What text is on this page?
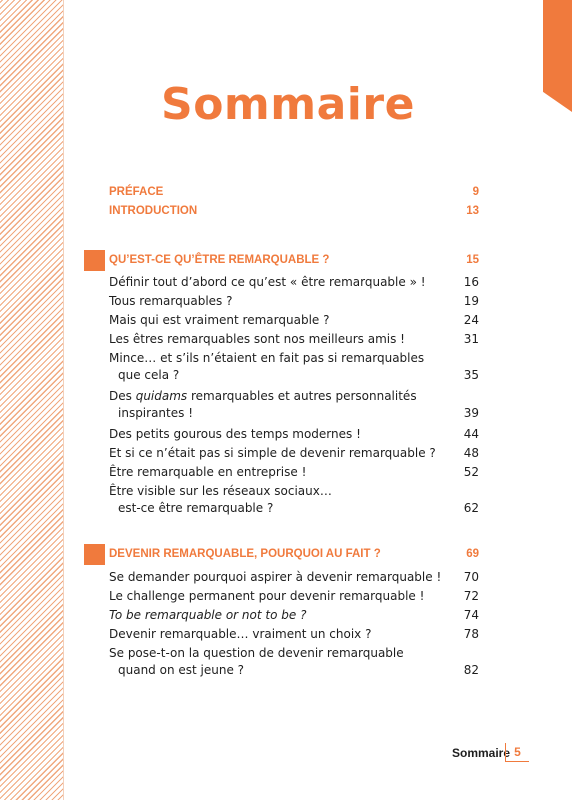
Sommaire
PRÉFACE	9
INTRODUCTION	13
QU’EST-CE QU’ÊTRE REMARQUABLE ?	15
Définir tout d’abord ce qu’est « être remarquable » !	16
Tous remarquables ?	19
Mais qui est vraiment remarquable ?	24
Les êtres remarquables sont nos meilleurs amis !	31
Mince… et s’ils n’étaient en fait pas si remarquables
que cela ?	35
Des quidams remarquables et autres personnalités
inspirantes !	39
Des petits gourous des temps modernes !	44
Et si ce n’était pas si simple de devenir remarquable ? 48
Être remarquable en entreprise !	52
Être visible sur les réseaux sociaux…
est-ce être remarquable ?	62
DEVENIR REMARQUABLE, POURQUOI AU FAIT ?	69
Se demander pourquoi aspirer à devenir remarquable ! 70
Le challenge permanent pour devenir remarquable !	72
To be remarquable or not to be ?	74
Devenir remarquable… vraiment un choix ?	78
Se pose-t-on la question de devenir remarquable
quand on est jeune ?	82
Sommaire 5
